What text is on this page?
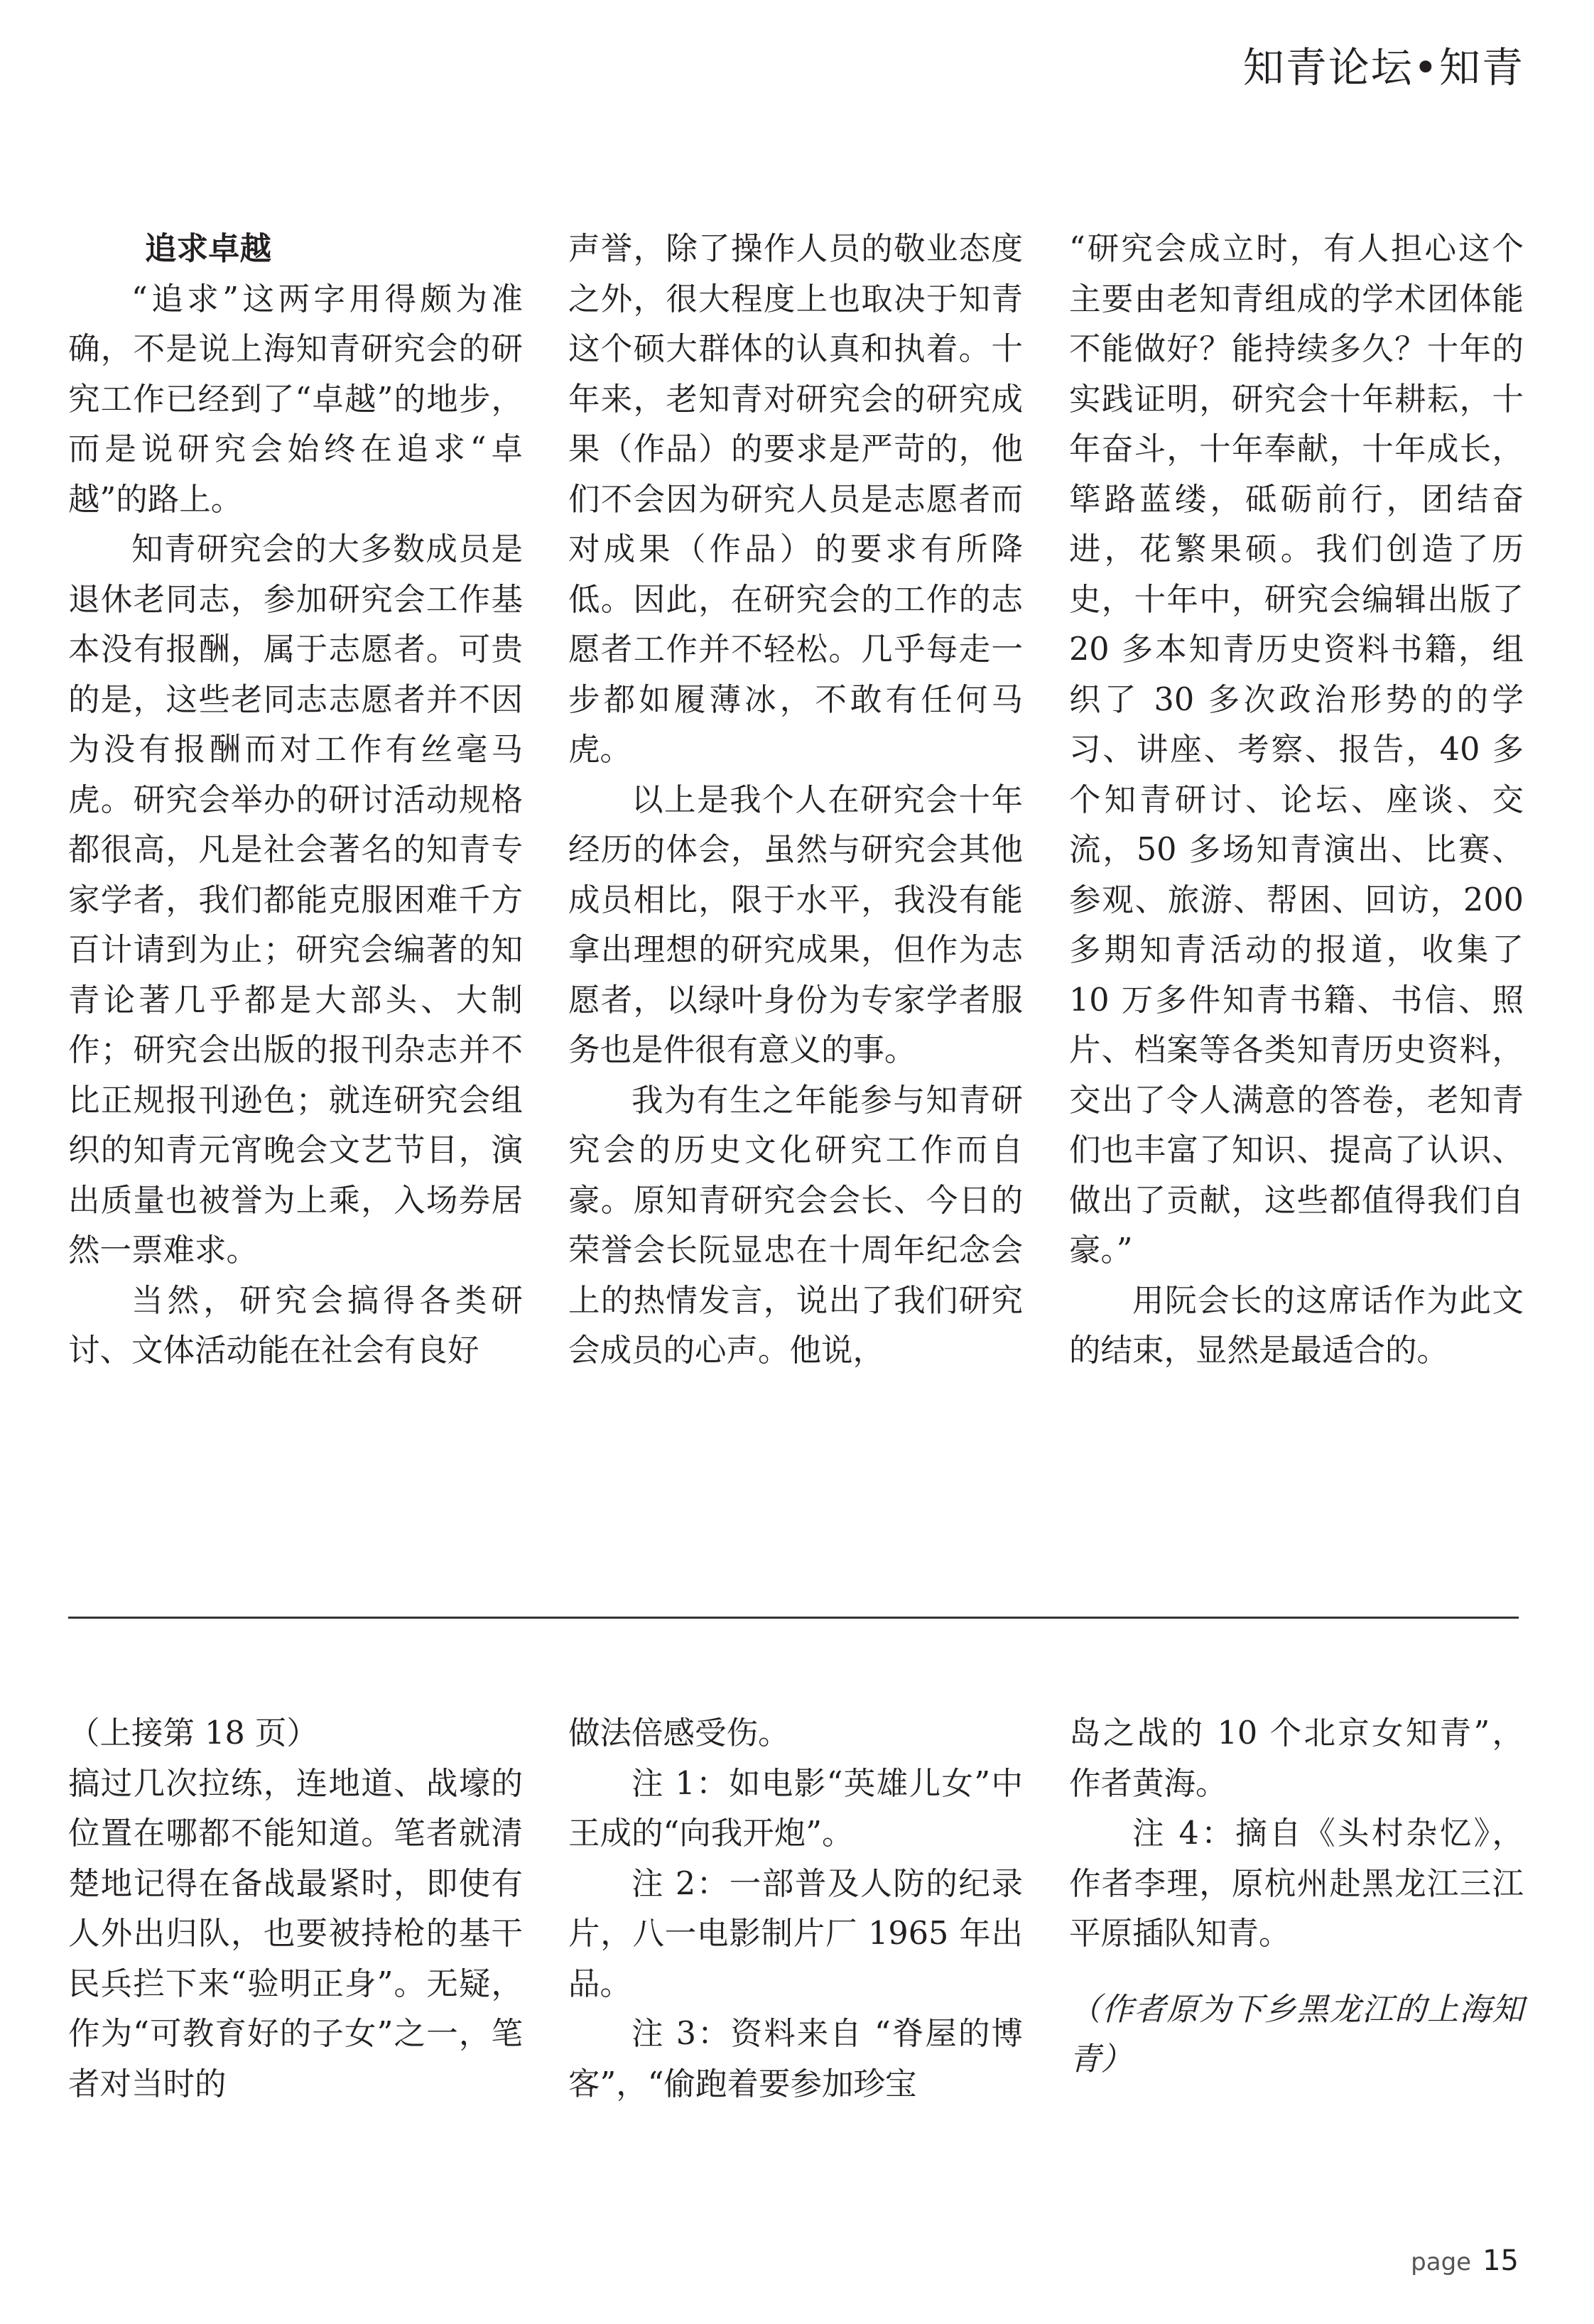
知青论坛•知青

追求卓越

“追求”这两字用得颇为准确，不是说上海知青研究会的研究工作已经到了“卓越”的地步，而是说研究会始终在追求“卓越”的路上。

知青研究会的大多数成员是退休老同志，参加研究会工作基本没有报酬，属于志愿者。可贵的是，这些老同志志愿者并不因为没有报酬而对工作有丝毫马虎。研究会举办的研讨活动规格都很高，凡是社会著名的知青专家学者，我们都能克服困难千方百计请到为止；研究会编著的知青论著几乎都是大部头、大制作；研究会出版的报刊杂志并不比正规报刊逊色；就连研究会组织的知青元宵晚会文艺节目，演出质量也被誉为上乘，入场券居然一票难求。

当然，研究会搞得各类研讨、文体活动能在社会有良好

声誉，除了操作人员的敬业态度之外，很大程度上也取决于知青这个硕大群体的认真和执着。十年来，老知青对研究会的研究成果（作品）的要求是严苛的，他们不会因为研究人员是志愿者而对成果（作品）的要求有所降低。因此，在研究会的工作的志愿者工作并不轻松。几乎每走一步都如履薄冰，不敢有任何马虎。

以上是我个人在研究会十年经历的体会，虽然与研究会其他成员相比，限于水平，我没有能拿出理想的研究成果，但作为志愿者，以绿叶身份为专家学者服务也是件很有意义的事。

我为有生之年能参与知青研究会的历史文化研究工作而自豪。原知青研究会会长、今日的荣誉会长阮显忠在十周年纪念会上的热情发言，说出了我们研究会成员的心声。他说，

“研究会成立时，有人担心这个主要由老知青组成的学术团体能不能做好？能持续多久？十年的实践证明，研究会十年耕耘，十年奋斗，十年奉献，十年成长，筚路蓝缕，砥砺前行，团结奋进，花繁果硕。我们创造了历史，十年中，研究会编辑出版了 20 多本知青历史资料书籍，组织了 30 多次政治形势的的学习、讲座、考察、报告，40 多个知青研讨、论坛、座谈、交流，50 多场知青演出、比赛、参观、旅游、帮困、回访，200 多期知青活动的报道，收集了 10 万多件知青书籍、书信、照片、档案等各类知青历史资料，交出了令人满意的答卷，老知青们也丰富了知识、提高了认识、做出了贡献，这些都值得我们自豪。”

用阮会长的这席话作为此文的结束，显然是最适合的。

（上接第 18 页）

搞过几次拉练，连地道、战壕的位置在哪都不能知道。笔者就清楚地记得在备战最紧时，即使有人外出归队，也要被持枪的基干民兵拦下来“验明正身”。无疑，作为“可教育好的子女”之一，笔者对当时的

做法倍感受伤。

注 1：如电影“英雄儿女”中王成的“向我开炮”。

注 2：一部普及人防的纪录片，八一电影制片厂 1965 年出品。

注 3：资料来自 “脊屋的博客”，“偷跑着要参加珍宝

岛之战的 10 个北京女知青”，作者黄海。

注 4：摘自《头村杂忆》，作者李理，原杭州赴黑龙江三江平原插队知青。

（作者原为下乡黑龙江的上海知青）

page 15
